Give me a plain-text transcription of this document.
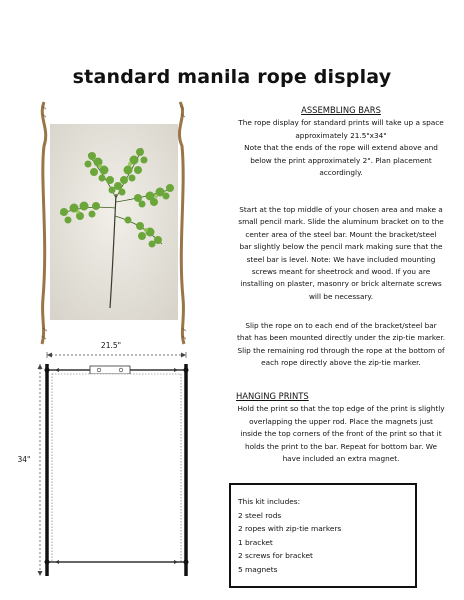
standard manila rope display
21.5"
34"
ASSEMBLING BARS
The rope display for standard prints will take up a space
approximately 21.5"x34"
Note that the ends of the rope will extend above and
below the print approximately 2". Plan placement
accordingly.
Start at the top middle of your chosen area and make a
small pencil mark. Slide the aluminum bracket on to the
center area of the steel bar. Mount the bracket/steel
bar slightly below the pencil mark making sure that the
steel bar is level. Note: We have included mounting
screws meant for sheetrock and wood. If you are
installing on plaster, masonry or brick alternate screws
will be necessary.
Slip the rope on to each end of the bracket/steel bar
that has been mounted directly under the zip-tie marker.
Slip the remaining rod through the rope at the bottom of
each rope directly above the zip-tie marker.
HANGING PRINTS
Hold the print so that the top edge of the print is slightly
overlapping the upper rod. Place the magnets just
inside the top corners of the front of the print so that it
holds the print to the bar. Repeat for bottom bar. We
have included an extra magnet.
This kit includes:
2 steel rods
2 ropes with zip-tie markers
1 bracket
2 screws for bracket
5 magnets
